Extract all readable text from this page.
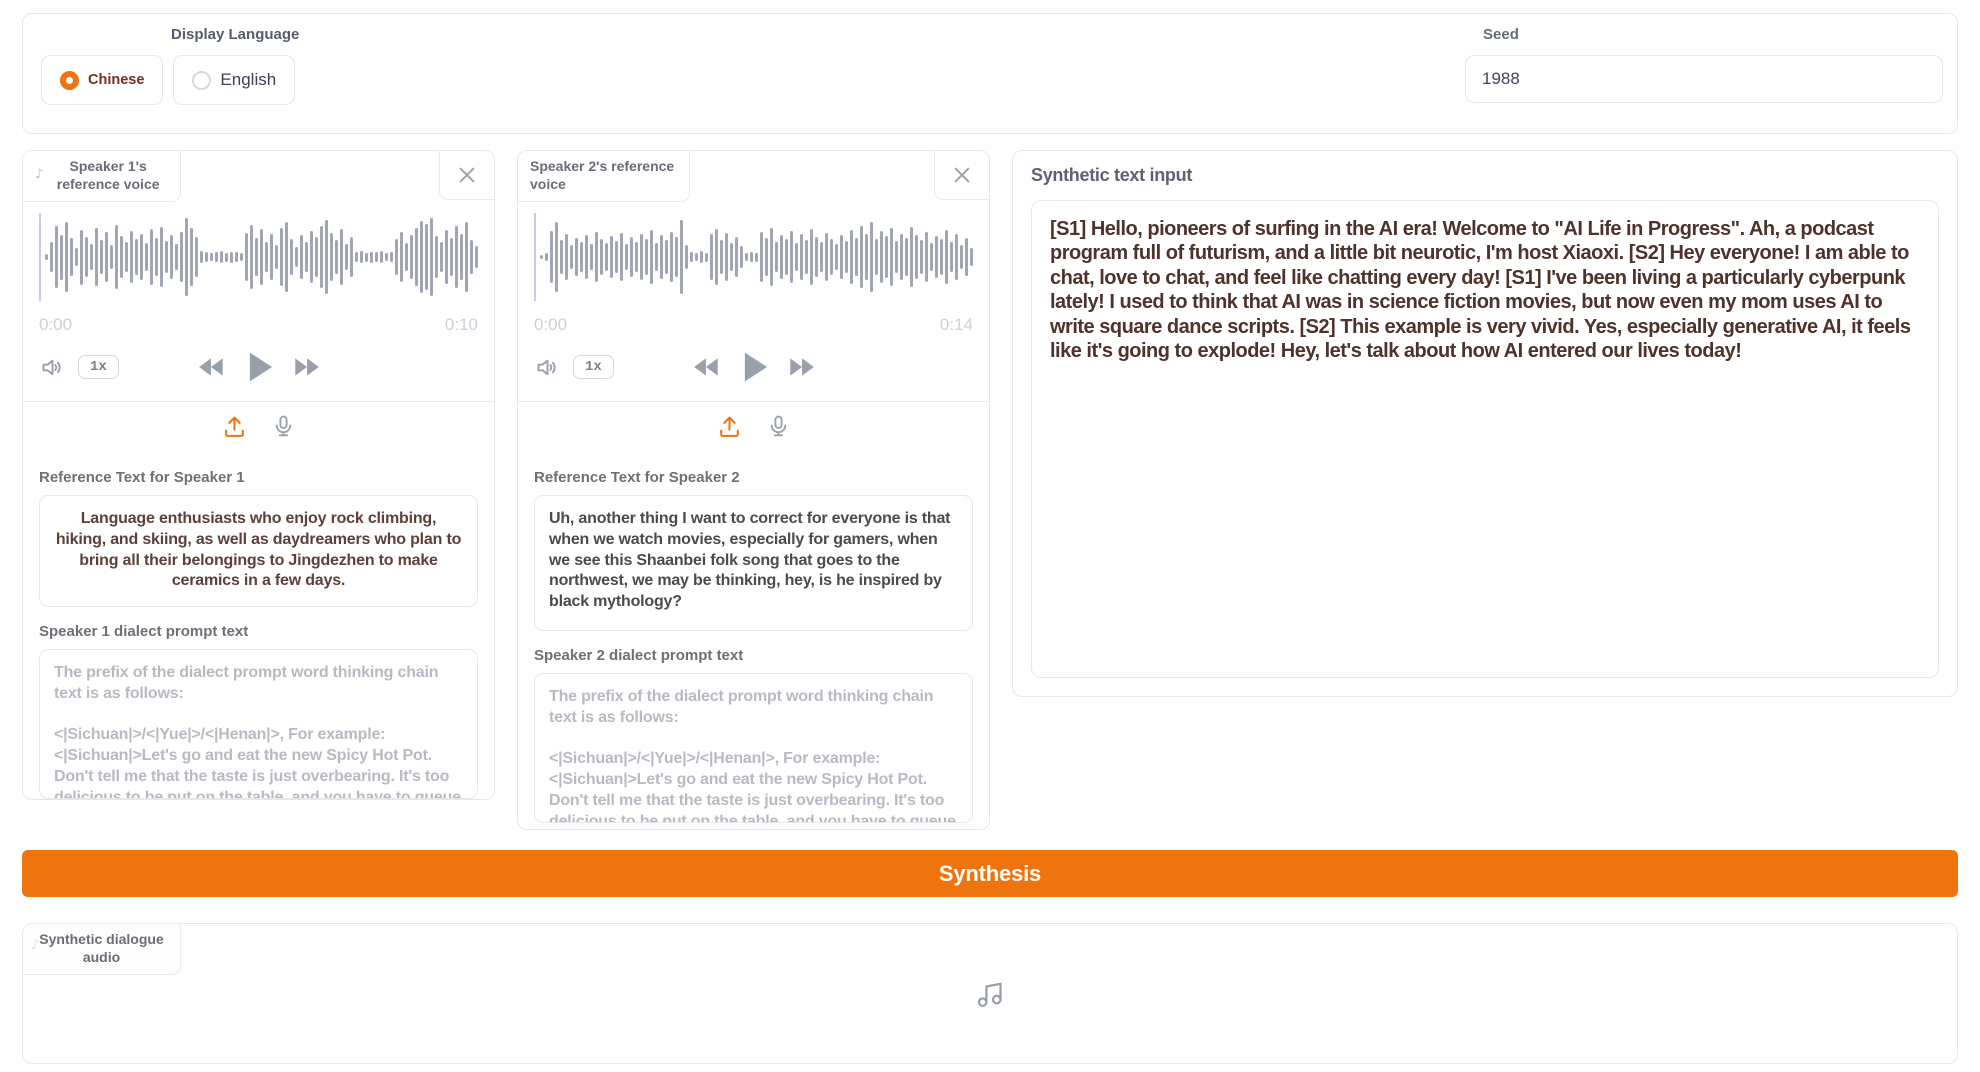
Display Language
Chinese	English
Seed
1988
♪
Speaker 1's reference voice
0:00	0:10
1x
Reference Text for Speaker 1
Language enthusiasts who enjoy rock climbing, hiking, and skiing, as well as daydreamers who plan to bring all their belongings to Jingdezhen to make ceramics in a few days.
Speaker 1 dialect prompt text
The prefix of the dialect prompt word thinking chain text is as follows: <|Sichuan|>/<|Yue|>/<|Henan|>, For example:<|Sichuan|>Let's go and eat the new Spicy Hot Pot. Don't tell me that the taste is just overbearing. It's too delicious to be put on the table, and you have to queue up late!
Speaker 2's reference voice
0:00	0:14
1x
Reference Text for Speaker 2
Uh, another thing I want to correct for everyone is that when we watch movies, especially for gamers, when we see this Shaanbei folk song that goes to the northwest, we may be thinking, hey, is he inspired by black mythology?
Speaker 2 dialect prompt text
The prefix of the dialect prompt word thinking chain text is as follows: <|Sichuan|>/<|Yue|>/<|Henan|>, For example:<|Sichuan|>Let's go and eat the new Spicy Hot Pot. Don't tell me that the taste is just overbearing. It's too delicious to be put on the table, and you have to queue up late!
Synthetic text input
[S1] Hello, pioneers of surfing in the AI era! Welcome to "AI Life in Progress". Ah, a podcast program full of futurism, and a little bit neurotic, I'm host Xiaoxi. [S2] Hey everyone! I am able to chat, love to chat, and feel like chatting every day! [S1] I've been living a particularly cyberpunk lately! I used to think that AI was in science fiction movies, but now even my mom uses AI to write square dance scripts. [S2] This example is very vivid. Yes, especially generative AI, it feels like it's going to explode! Hey, let's talk about how AI entered our lives today!
Synthesis
♪ Synthetic dialogue audio
